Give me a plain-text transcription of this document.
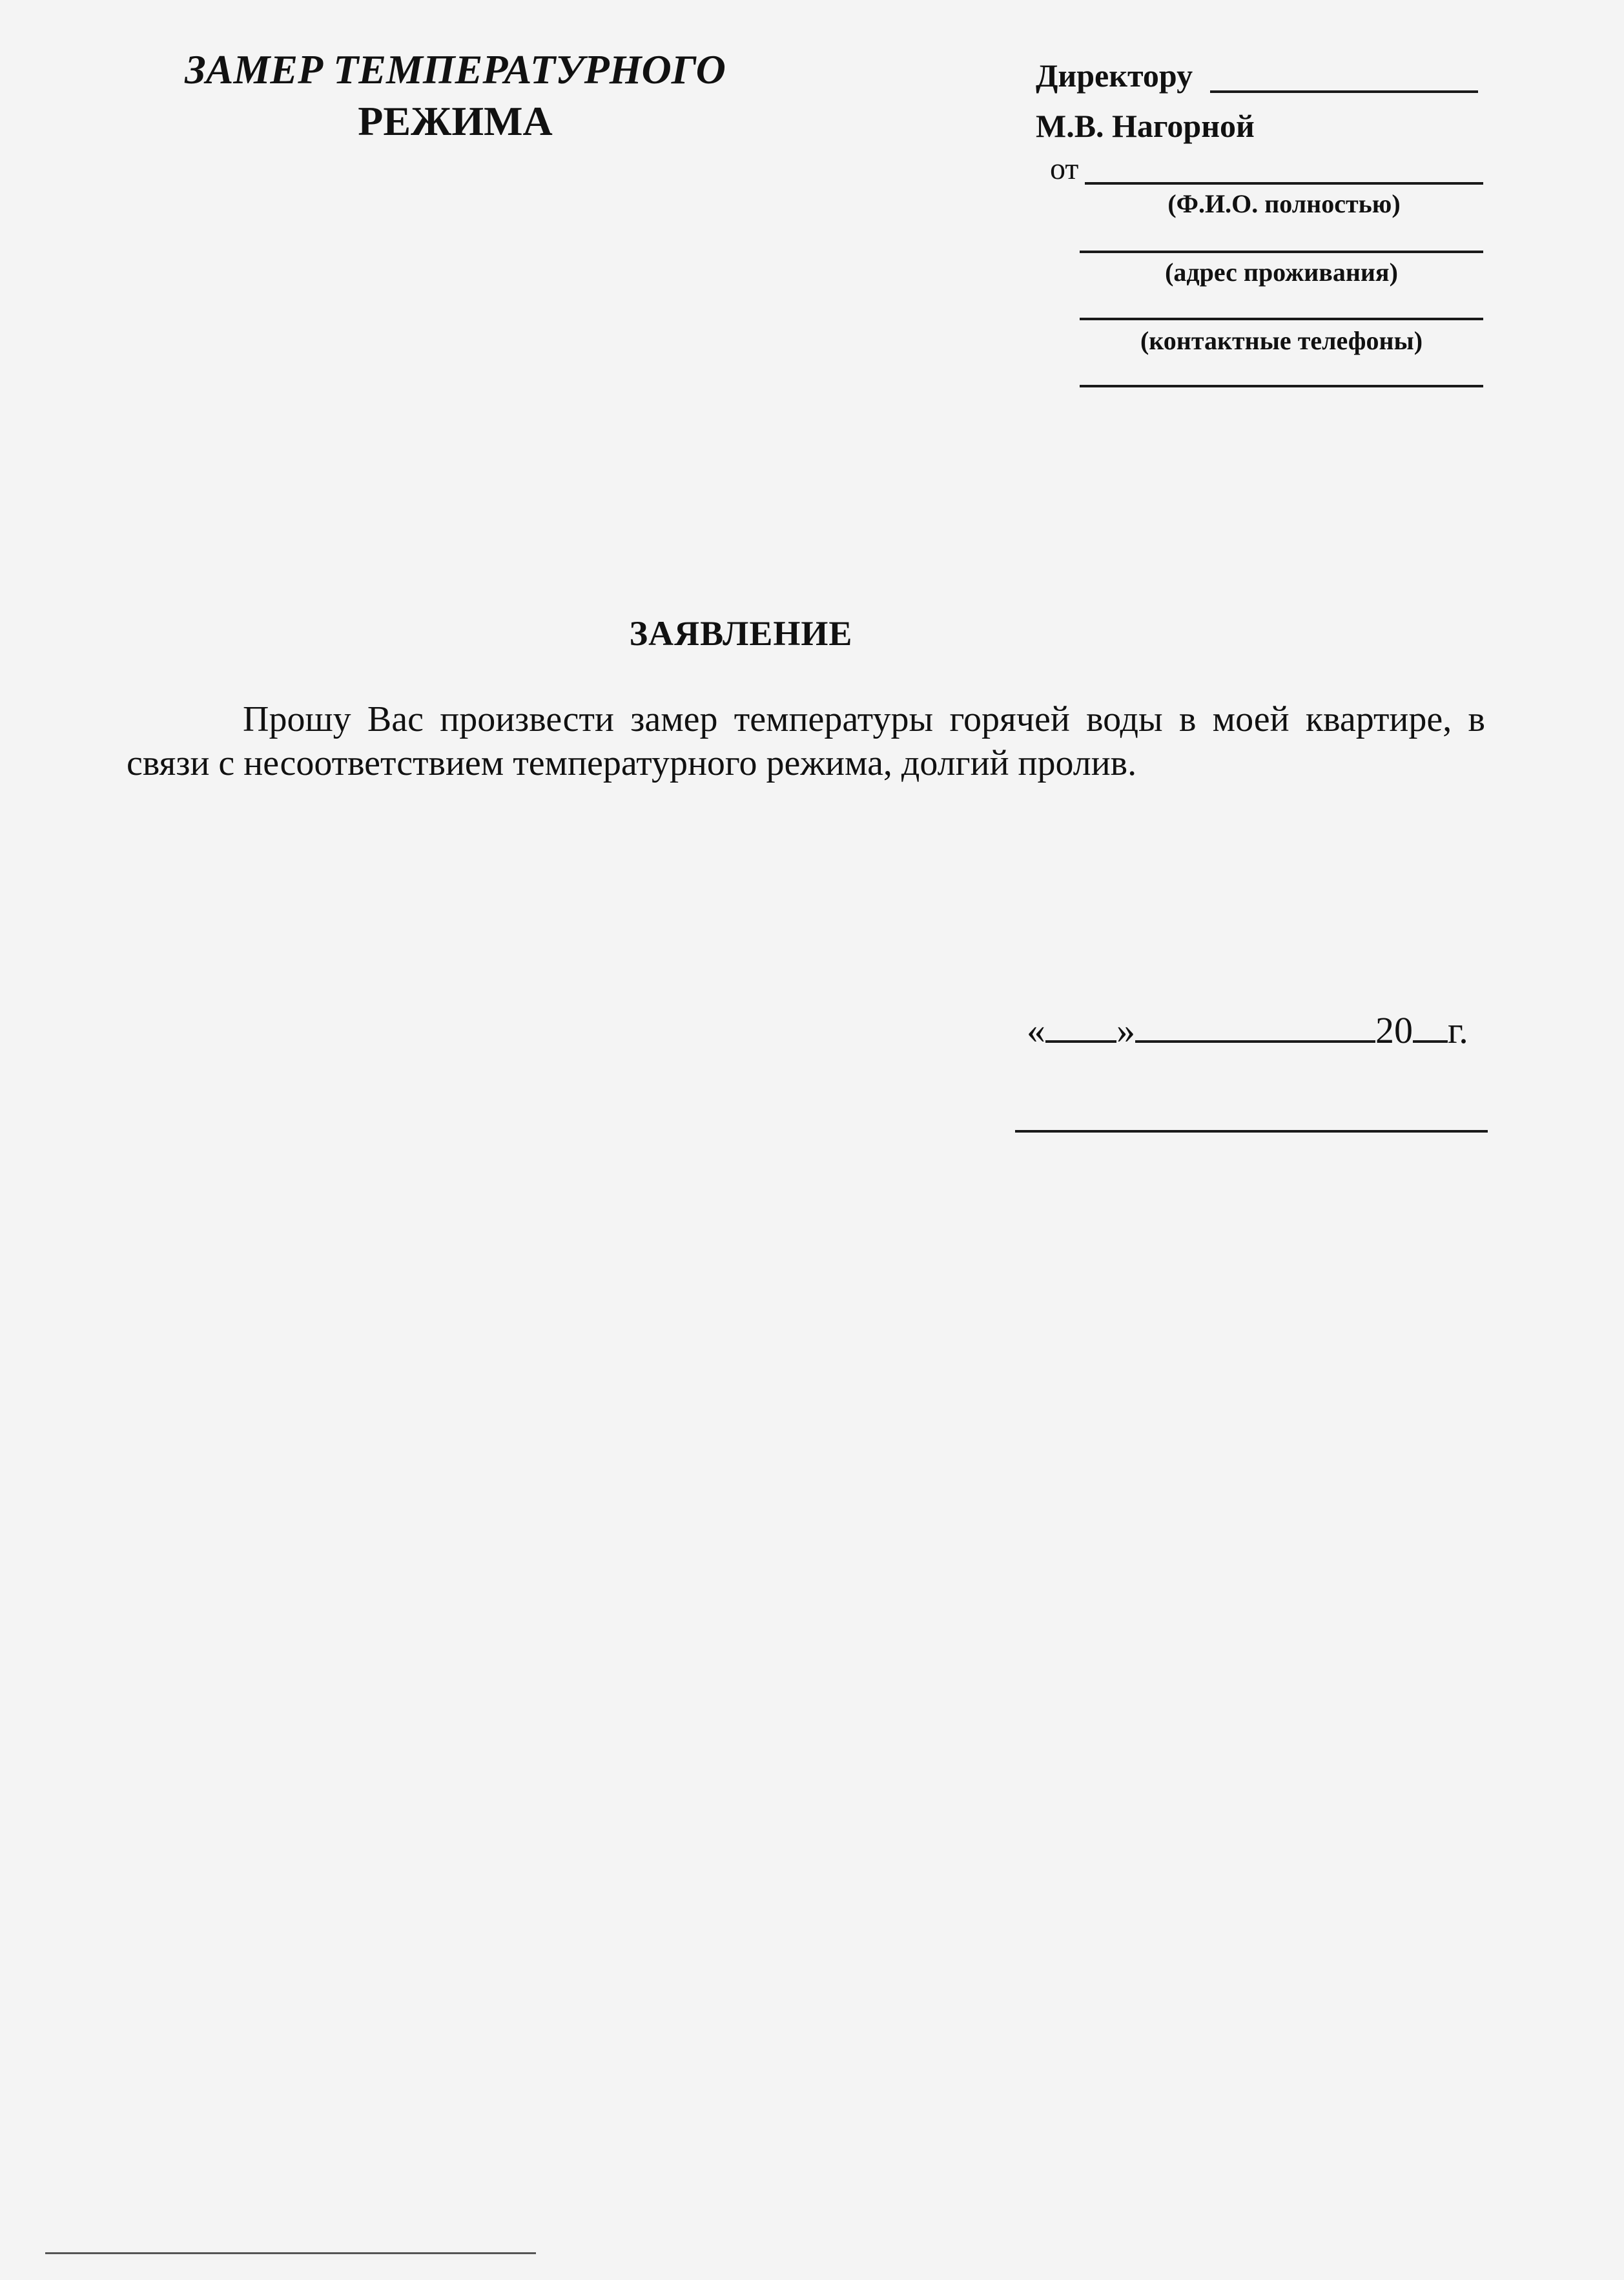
ЗАМЕР ТЕМПЕРАТУРНОГО
РЕЖИМА
Директору
М.В. Нагорной
от
(Ф.И.О. полностью)
(адрес проживания)
(контактные телефоны)
ЗАЯВЛЕНИЕ
Прошу Вас произвести замер температуры горячей воды в моей квартире, в связи с несоответствием температурного режима, долгий пролив.
« »	20 г.
